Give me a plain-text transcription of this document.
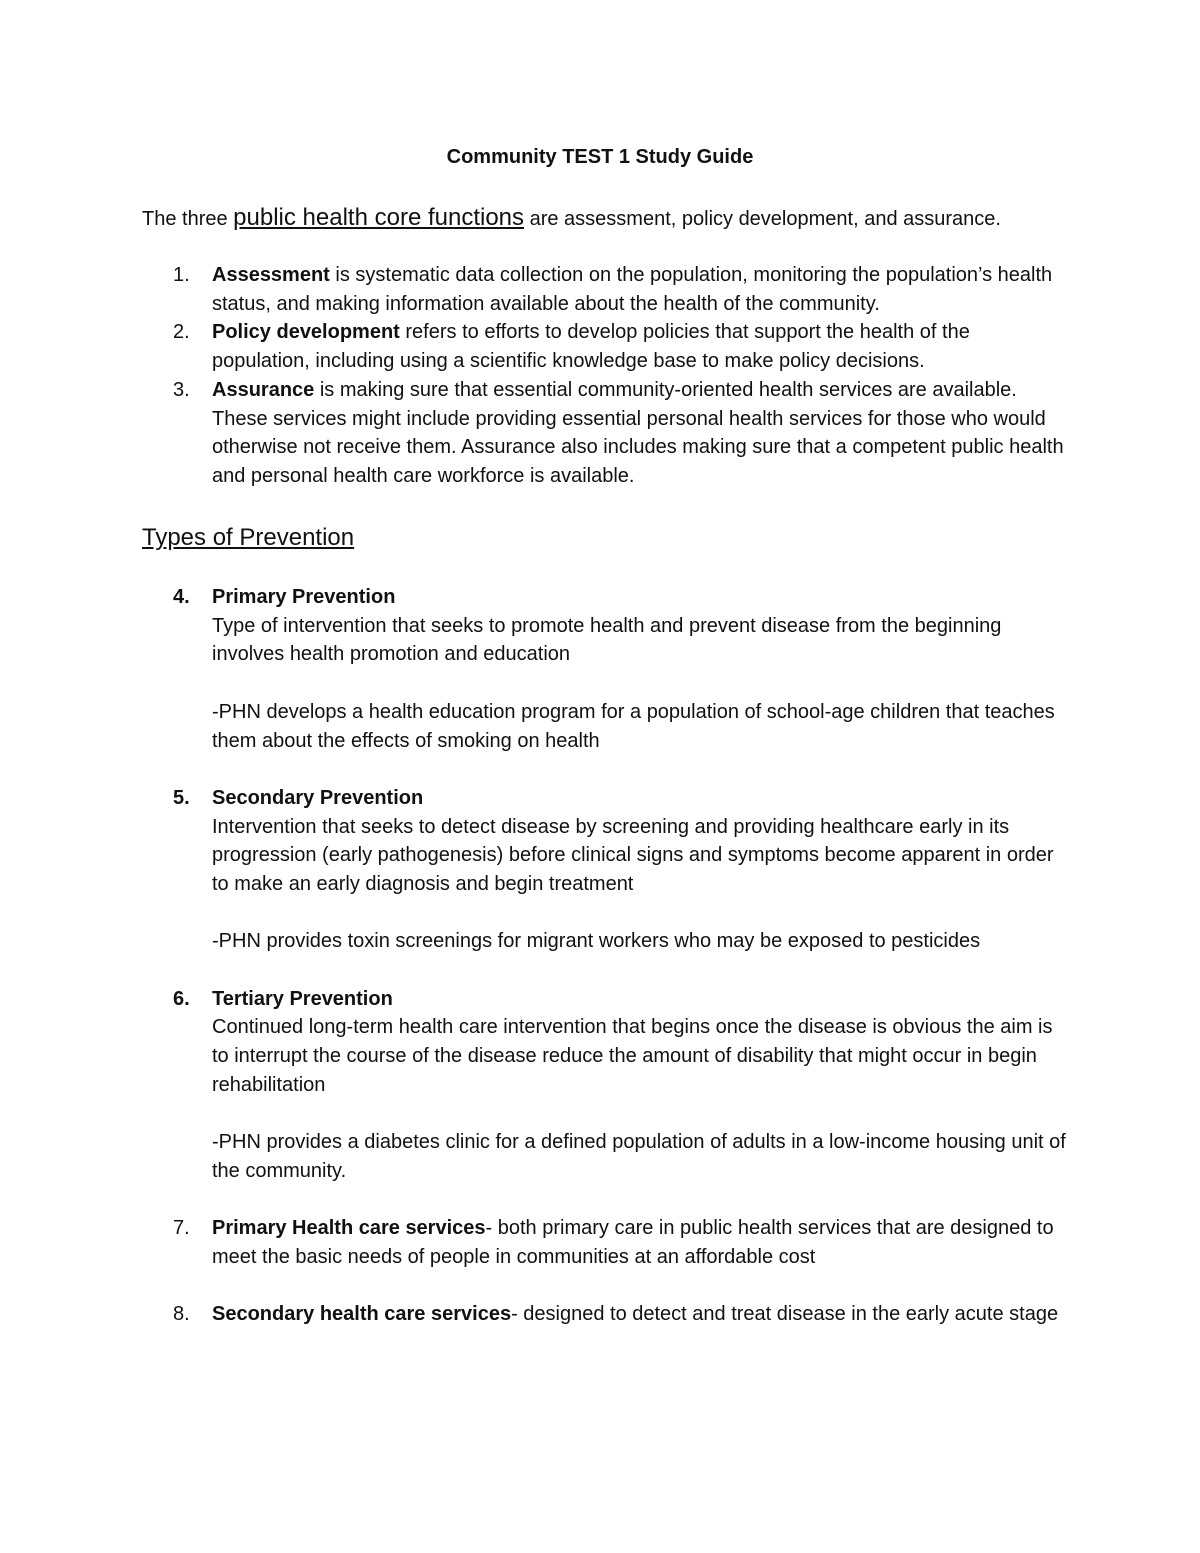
Community TEST 1 Study Guide
The three public health core functions are assessment, policy development, and assurance.
1. Assessment is systematic data collection on the population, monitoring the population’s health status, and making information available about the health of the community.
2. Policy development refers to efforts to develop policies that support the health of the population, including using a scientific knowledge base to make policy decisions.
3. Assurance is making sure that essential community-oriented health services are available. These services might include providing essential personal health services for those who would otherwise not receive them. Assurance also includes making sure that a competent public health and personal health care workforce is available.
Types of Prevention
4. Primary Prevention
Type of intervention that seeks to promote health and prevent disease from the beginning involves health promotion and education
-PHN develops a health education program for a population of school-age children that teaches them about the effects of smoking on health
5. Secondary Prevention
Intervention that seeks to detect disease by screening and providing healthcare early in its progression (early pathogenesis) before clinical signs and symptoms become apparent in order to make an early diagnosis and begin treatment
-PHN provides toxin screenings for migrant workers who may be exposed to pesticides
6. Tertiary Prevention
Continued long-term health care intervention that begins once the disease is obvious the aim is to interrupt the course of the disease reduce the amount of disability that might occur in begin rehabilitation
-PHN provides a diabetes clinic for a defined population of adults in a low-income housing unit of the community.
7. Primary Health care services- both primary care in public health services that are designed to meet the basic needs of people in communities at an affordable cost
8. Secondary health care services- designed to detect and treat disease in the early acute stage
